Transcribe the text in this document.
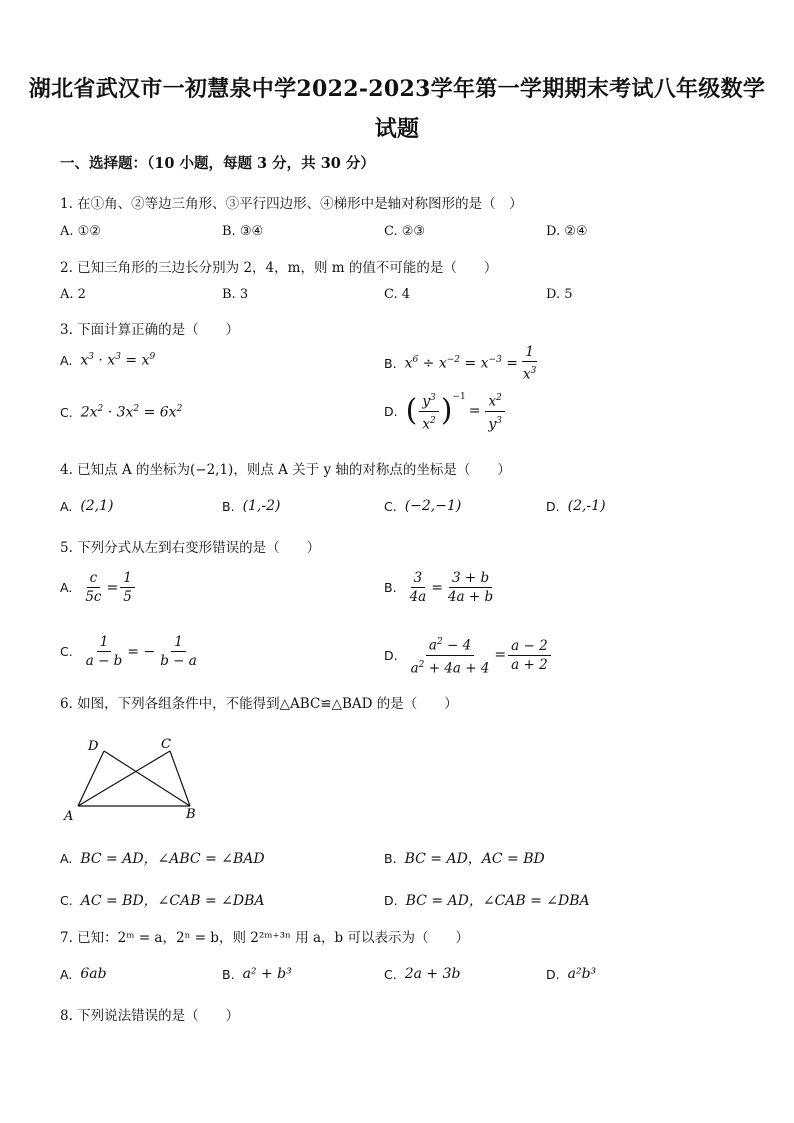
湖北省武汉市一初慧泉中学2022-2023学年第一学期期末考试八年级数学
试题
一、选择题：（10 小题，每题 3 分，共 30 分）
1. 在①角、②等边三角形、③平行四边形、④梯形中是轴对称图形的是（　）
A. ①②	B. ③④	C. ②③	D. ②④
2. 已知三角形的三边长分别为 2，4，m，则 m 的值不可能的是（　　）
A. 2	B. 3	C. 4	D. 5
3. 下面计算正确的是（　　）
A. $x^3 \cdot x^3 = x^9$	B. $x^6 \div x^{-2} = x^{-3} = \frac{1}{x^3}$
C. $2x^2 \cdot 3x^2 = 6x^2$	D. ( $\frac{y^3}{x^2} )^{-1}$
= $\frac{x^2}{y^3}$
4. 已知点 A 的坐标为(−2,1)，则点 A 关于 y 轴的对称点的坐标是（　　）
A. (2,1)	B. (1,-2)	C. (−2,−1)	D. (2,-1)
5. 下列分式从左到右变形错误的是（　　）
A. $\frac{c}{5c} = \frac{1}{5}$	B. $\frac{3}{4a} = \frac{3 + b}{4a + b}$
C. $\frac{1}{a - b}$ = − $\frac{1}{b - a}$	D. $\frac{a^2 - 4}{a^2 + 4a + 4} = \frac{a - 2}{a + 2}$
6. 如图，下列各组条件中，不能得到△ABC≌△BAD 的是（　　）
D	C
A	B
A. BC = AD，∠ABC = ∠BAD	B. BC = AD，AC = BD
C. AC = BD，∠CAB = ∠DBA	D. BC = AD，∠CAB = ∠DBA
7. 已知：2ᵐ = a，2ⁿ = b，则 2²ᵐ⁺³ⁿ 用 a，b 可以表示为（　　）
A. 6ab	B. a² + b³	C. 2a + 3b	D. a²b³
8. 下列说法错误的是（　　）
